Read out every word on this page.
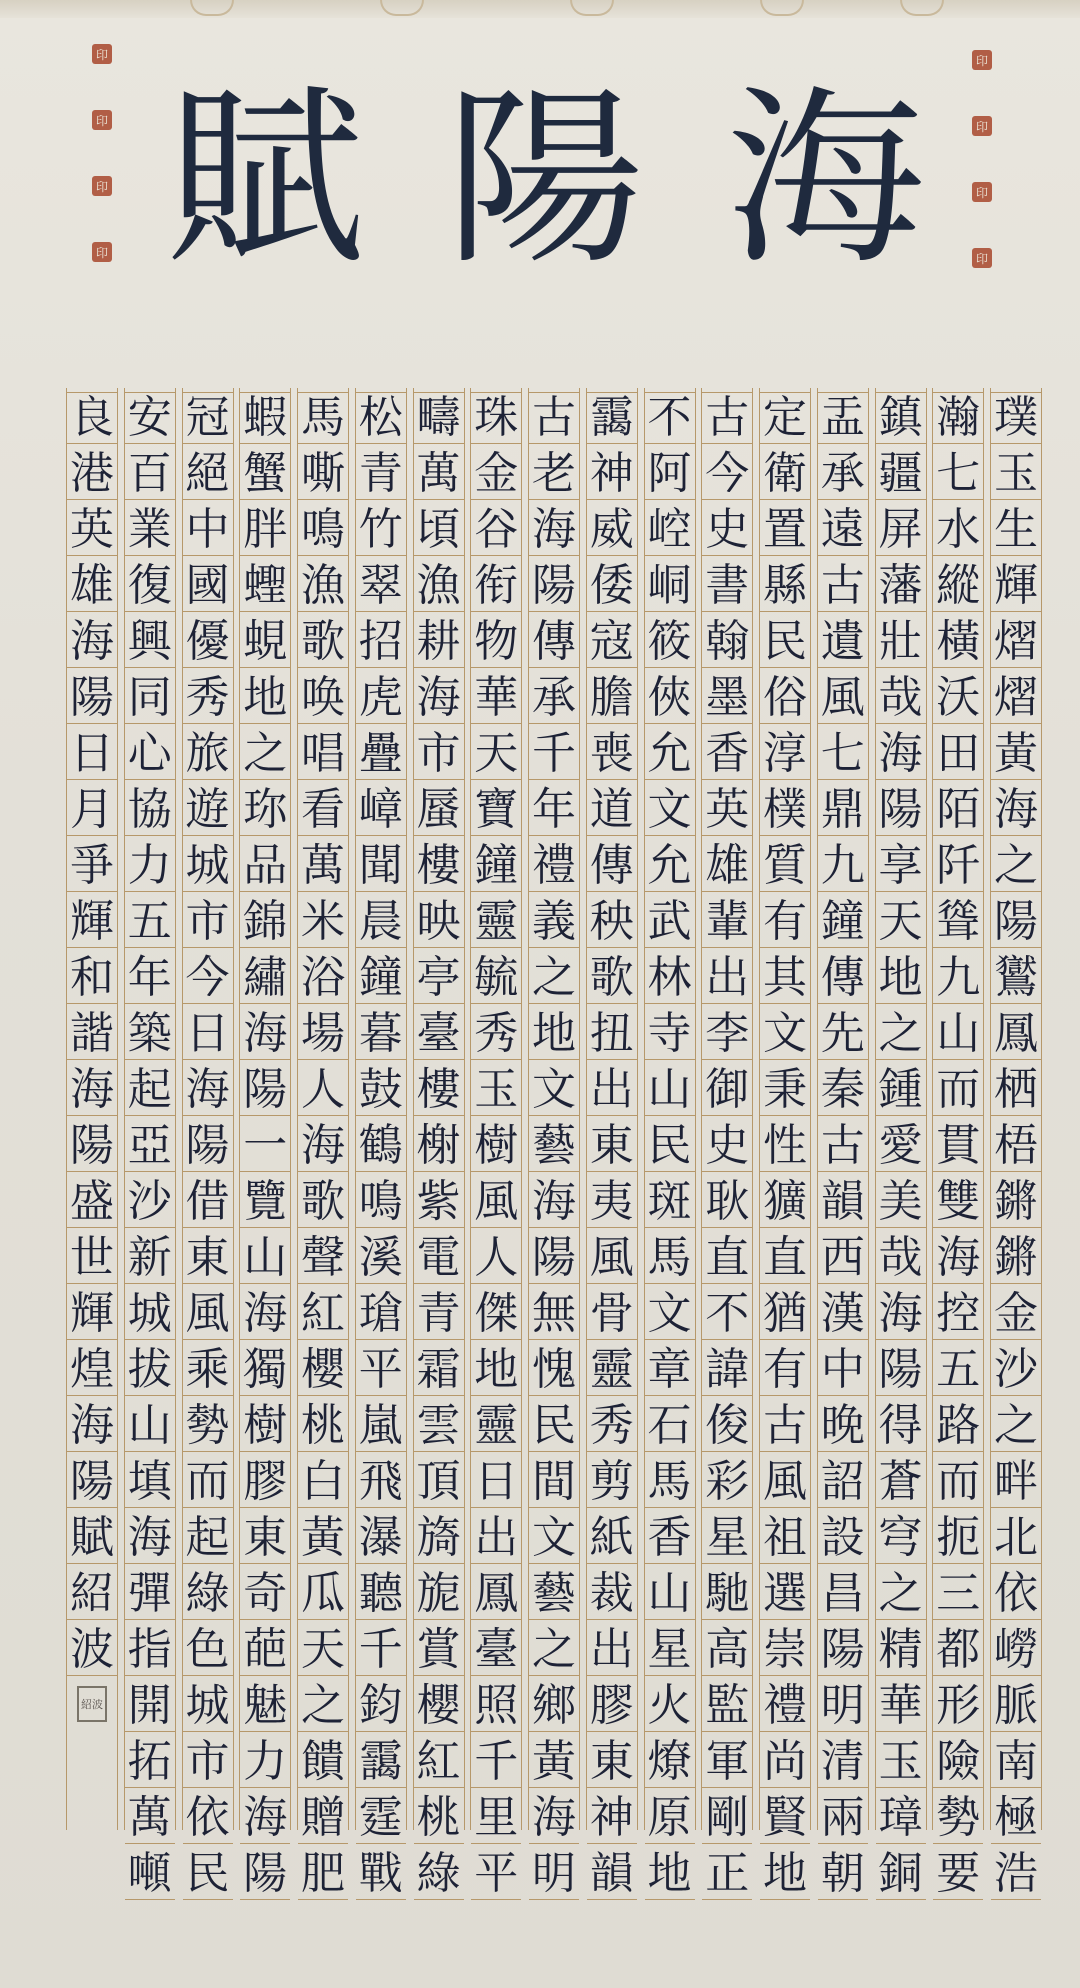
印
印
印
印
印
印
印
印
賦 陽 海
璞
玉
生
輝
熠
熠
黃
海
之
陽
鸑
鳳
栖
梧
鏘
鏘
金
沙
之
畔
北
依
嶗
脈
南
極
浩
瀚
七
水
縱
橫
沃
田
陌
阡
聳
九
山
而
貫
雙
海
控
五
路
而
扼
三
都
形
險
勢
要
鎮
疆
屏
藩
壯
哉
海
陽
享
天
地
之
鍾
愛
美
哉
海
陽
得
蒼
穹
之
精
華
玉
璋
銅
盂
承
遠
古
遺
風
七
鼎
九
鐘
傳
先
秦
古
韻
西
漢
中
晚
詔
設
昌
陽
明
清
兩
朝
定
衛
置
縣
民
俗
淳
樸
質
有
其
文
秉
性
獷
直
猶
有
古
風
祖
選
崇
禮
尚
賢
地
古
今
史
書
翰
墨
香
英
雄
輩
出
李
御
史
耿
直
不
諱
俊
彩
星
馳
高
監
軍
剛
正
不
阿
崆
峒
筱
俠
允
文
允
武
林
寺
山
民
斑
馬
文
章
石
馬
香
山
星
火
燎
原
地
靄
神
威
倭
寇
膽
喪
道
傳
秧
歌
扭
出
東
夷
風
骨
靈
秀
剪
紙
裁
出
膠
東
神
韻
古
老
海
陽
傳
承
千
年
禮
義
之
地
文
藝
海
陽
無
愧
民
間
文
藝
之
鄉
黃
海
明
珠
金
谷
衔
物
華
天
寶
鐘
靈
毓
秀
玉
樹
風
人
傑
地
靈
日
出
鳳
臺
照
千
里
平
疇
萬
頃
漁
耕
海
市
蜃
樓
映
亭
臺
樓
榭
紫
電
青
霜
雲
頂
旖
旎
賞
櫻
紅
桃
綠
松
青
竹
翠
招
虎
疊
嶂
聞
晨
鐘
暮
鼓
鶴
鳴
溪
瑲
平
嵐
飛
瀑
聽
千
鈞
靄
霆
戰
馬
嘶
鳴
漁
歌
唤
唱
看
萬
米
浴
場
人
海
歌
聲
紅
櫻
桃
白
黃
瓜
天
之
饋
贈
肥
蝦
蟹
胖
蟶
蜆
地
之
珎
品
錦
繡
海
陽
一
覽
山
海
獨
樹
膠
東
奇
葩
魅
力
海
陽
冠
絕
中
國
優
秀
旅
遊
城
市
今
日
海
陽
借
東
風
乘
勢
而
起
綠
色
城
市
依
民
安
百
業
復
興
同
心
協
力
五
年
築
起
亞
沙
新
城
拔
山
填
海
彈
指
開
拓
萬
噸
良
港
英
雄
海
陽
日
月
爭
輝
和
諧
海
陽
盛
世
輝
煌
海
陽
賦
紹
波
紹波
